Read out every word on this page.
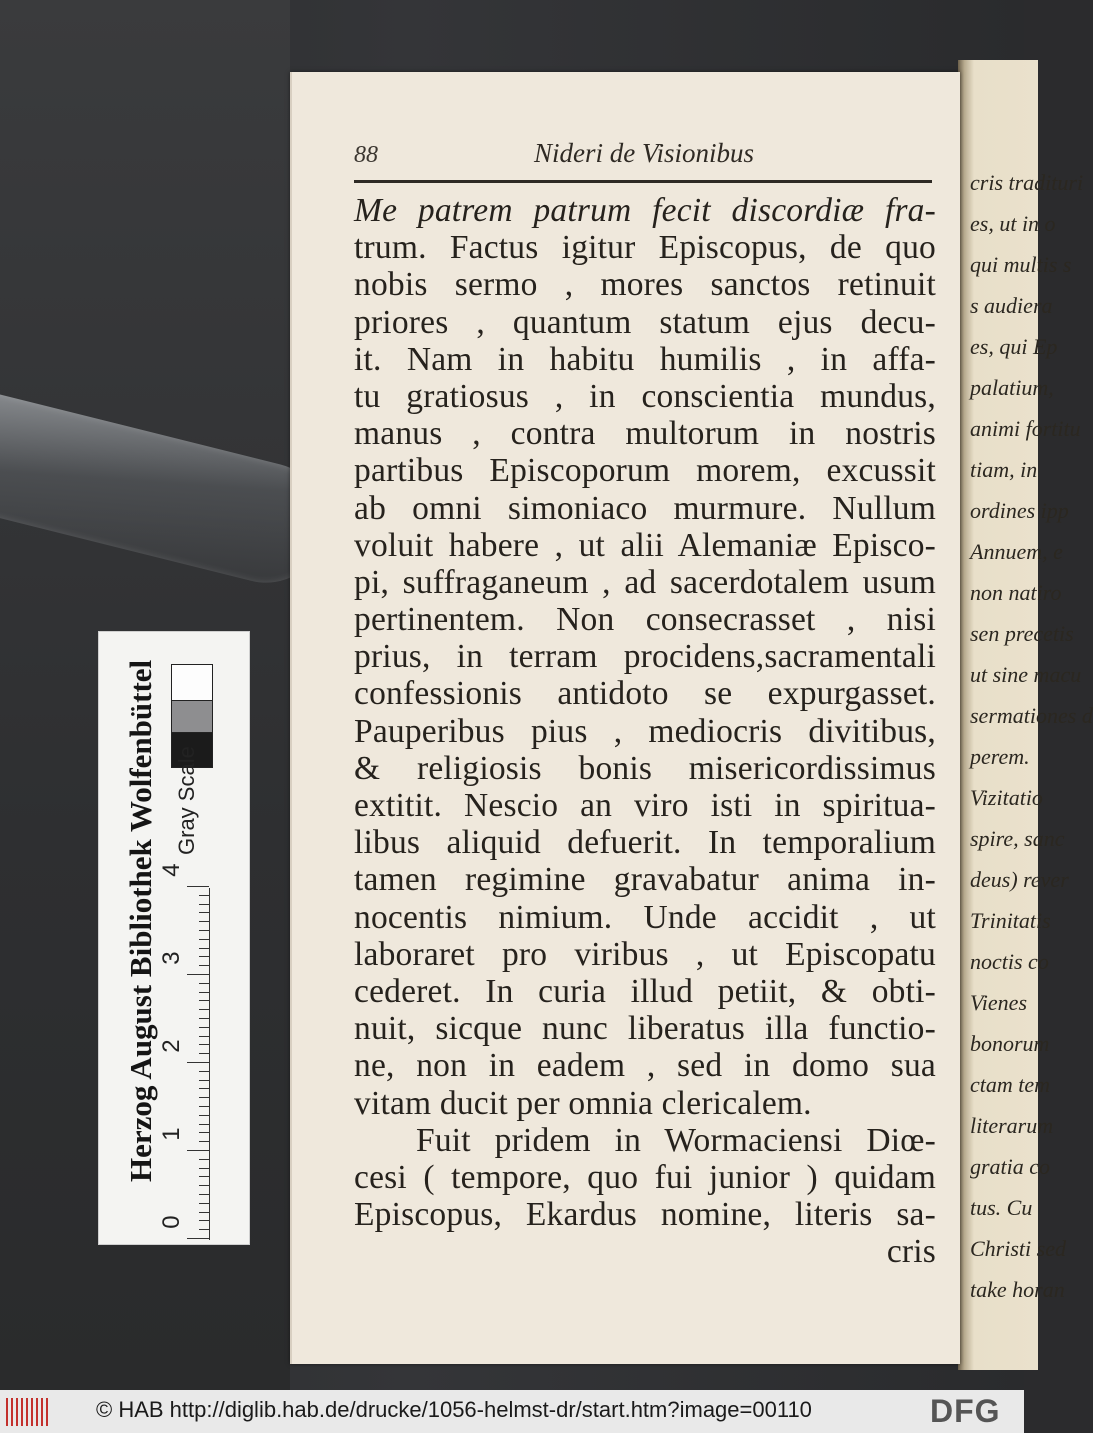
cris tradituri
es, ut in o
qui multis s
s audiera
es, qui Ep
palatium,
animi fortitu
tiam, in
ordines ipp
Annuem, e
non natiro
sen precetis
ut sine macu
sermationes d
perem.
Vizitatio
spire, sanc
deus) rever
Trinitatis
noctis co
Vienes
bonorum
ctam tem
literarum
gratia co
tus. Cu
Christi sed
take horan
88	Nideri de Visionibus
Me patrem patrum fecit discordiæ fra-
trum. Factus igitur Episcopus, de quo
nobis sermo , mores sanctos retinuit
priores , quantum statum ejus decu-
it. Nam in habitu humilis , in affa-
tu gratiosus , in conscientia mundus,
manus , contra multorum in nostris
partibus Episcoporum morem, excussit
ab omni simoniaco murmure. Nullum
voluit habere , ut alii Alemaniæ Episco-
pi, suffraganeum , ad sacerdotalem usum
pertinentem. Non consecrasset , nisi
prius, in terram procidens,sacramentali
confessionis antidoto se expurgasset.
Pauperibus pius , mediocris divitibus,
& religiosis bonis misericordissimus
extitit. Nescio an viro isti in spiritua-
libus aliquid defuerit. In temporalium
tamen regimine gravabatur anima in-
nocentis nimium. Unde accidit , ut
laboraret pro viribus , ut Episcopatu
cederet. In curia illud petiit, & obti-
nuit, sicque nunc liberatus illa functio-
ne, non in eadem , sed in domo sua
vitam ducit per omnia clericalem.
Fuit pridem in Wormaciensi Diœ-
cesi ( tempore, quo fui junior ) quidam
Episcopus, Ekardus nomine, literis sa-
cris
Herzog August Bibliothek Wolfenbüttel Gray Scale
0
1
2
3
4
© HAB http://diglib.hab.de/drucke/1056-helmst-dr/start.htm?image=00110	DFG
